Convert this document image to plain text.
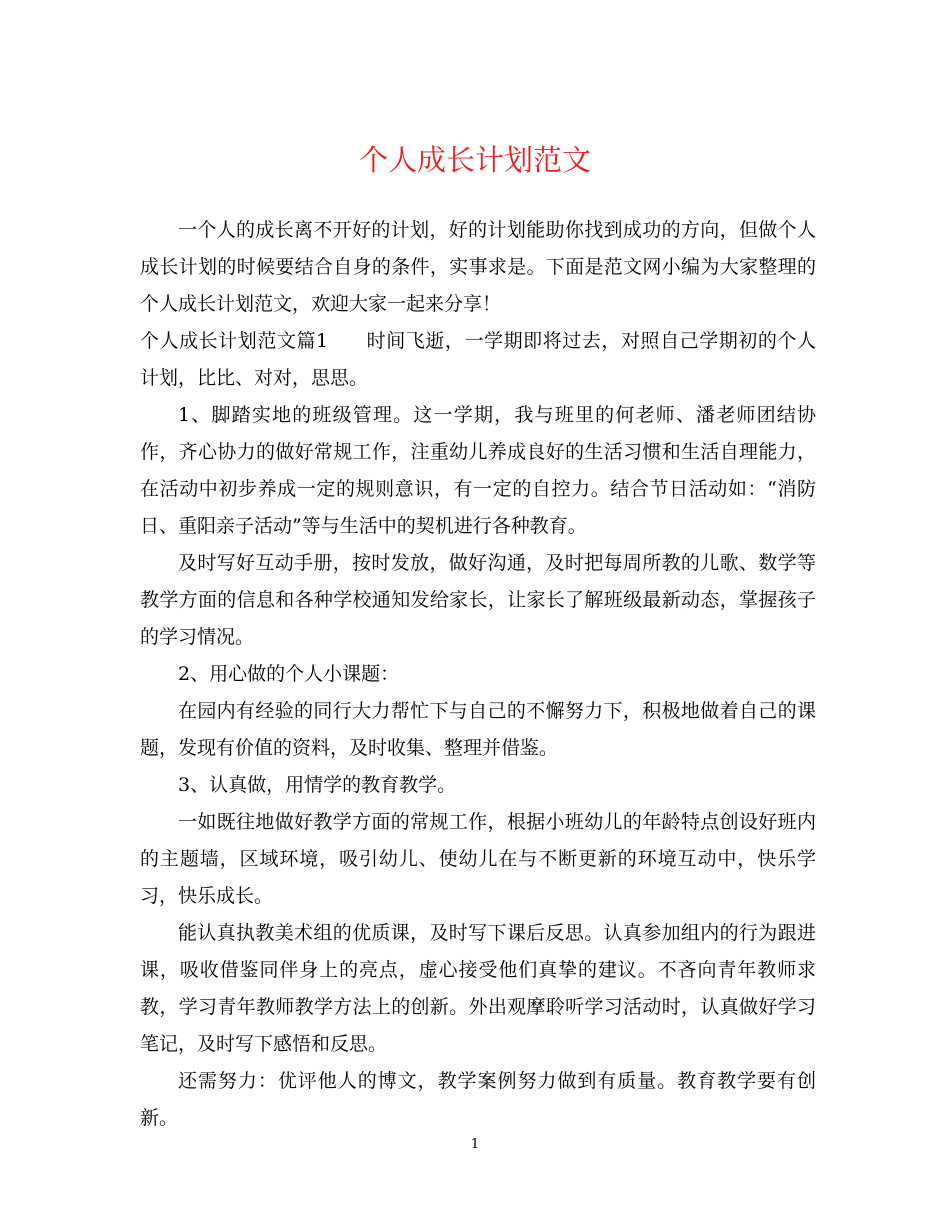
个人成长计划范文

一个人的成长离不开好的计划，好的计划能助你找到成功的方向，但做个人成长计划的时候要结合自身的条件，实事求是。下面是范文网小编为大家整理的个人成长计划范文，欢迎大家一起来分享！

个人成长计划范文篇1 时间飞逝，一学期即将过去，对照自己学期初的个人计划，比比、对对，思思。

1、脚踏实地的班级管理。这一学期，我与班里的何老师、潘老师团结协作，齐心协力的做好常规工作，注重幼儿养成良好的生活习惯和生活自理能力，在活动中初步养成一定的规则意识，有一定的自控力。结合节日活动如：“消防日、重阳亲子活动”等与生活中的契机进行各种教育。

及时写好互动手册，按时发放，做好沟通，及时把每周所教的儿歌、数学等教学方面的信息和各种学校通知发给家长，让家长了解班级最新动态，掌握孩子的学习情况。

2、用心做的个人小课题：

在园内有经验的同行大力帮忙下与自己的不懈努力下，积极地做着自己的课题，发现有价值的资料，及时收集、整理并借鉴。

3、认真做，用情学的教育教学。

一如既往地做好教学方面的常规工作，根据小班幼儿的年龄特点创设好班内的主题墙，区域环境，吸引幼儿、使幼儿在与不断更新的环境互动中，快乐学习，快乐成长。

能认真执教美术组的优质课，及时写下课后反思。认真参加组内的行为跟进课，吸收借鉴同伴身上的亮点，虚心接受他们真挚的建议。不吝向青年教师求教，学习青年教师教学方法上的创新。外出观摩聆听学习活动时，认真做好学习笔记，及时写下感悟和反思。

还需努力：优评他人的博文，教学案例努力做到有质量。教育教学要有创新。

1
